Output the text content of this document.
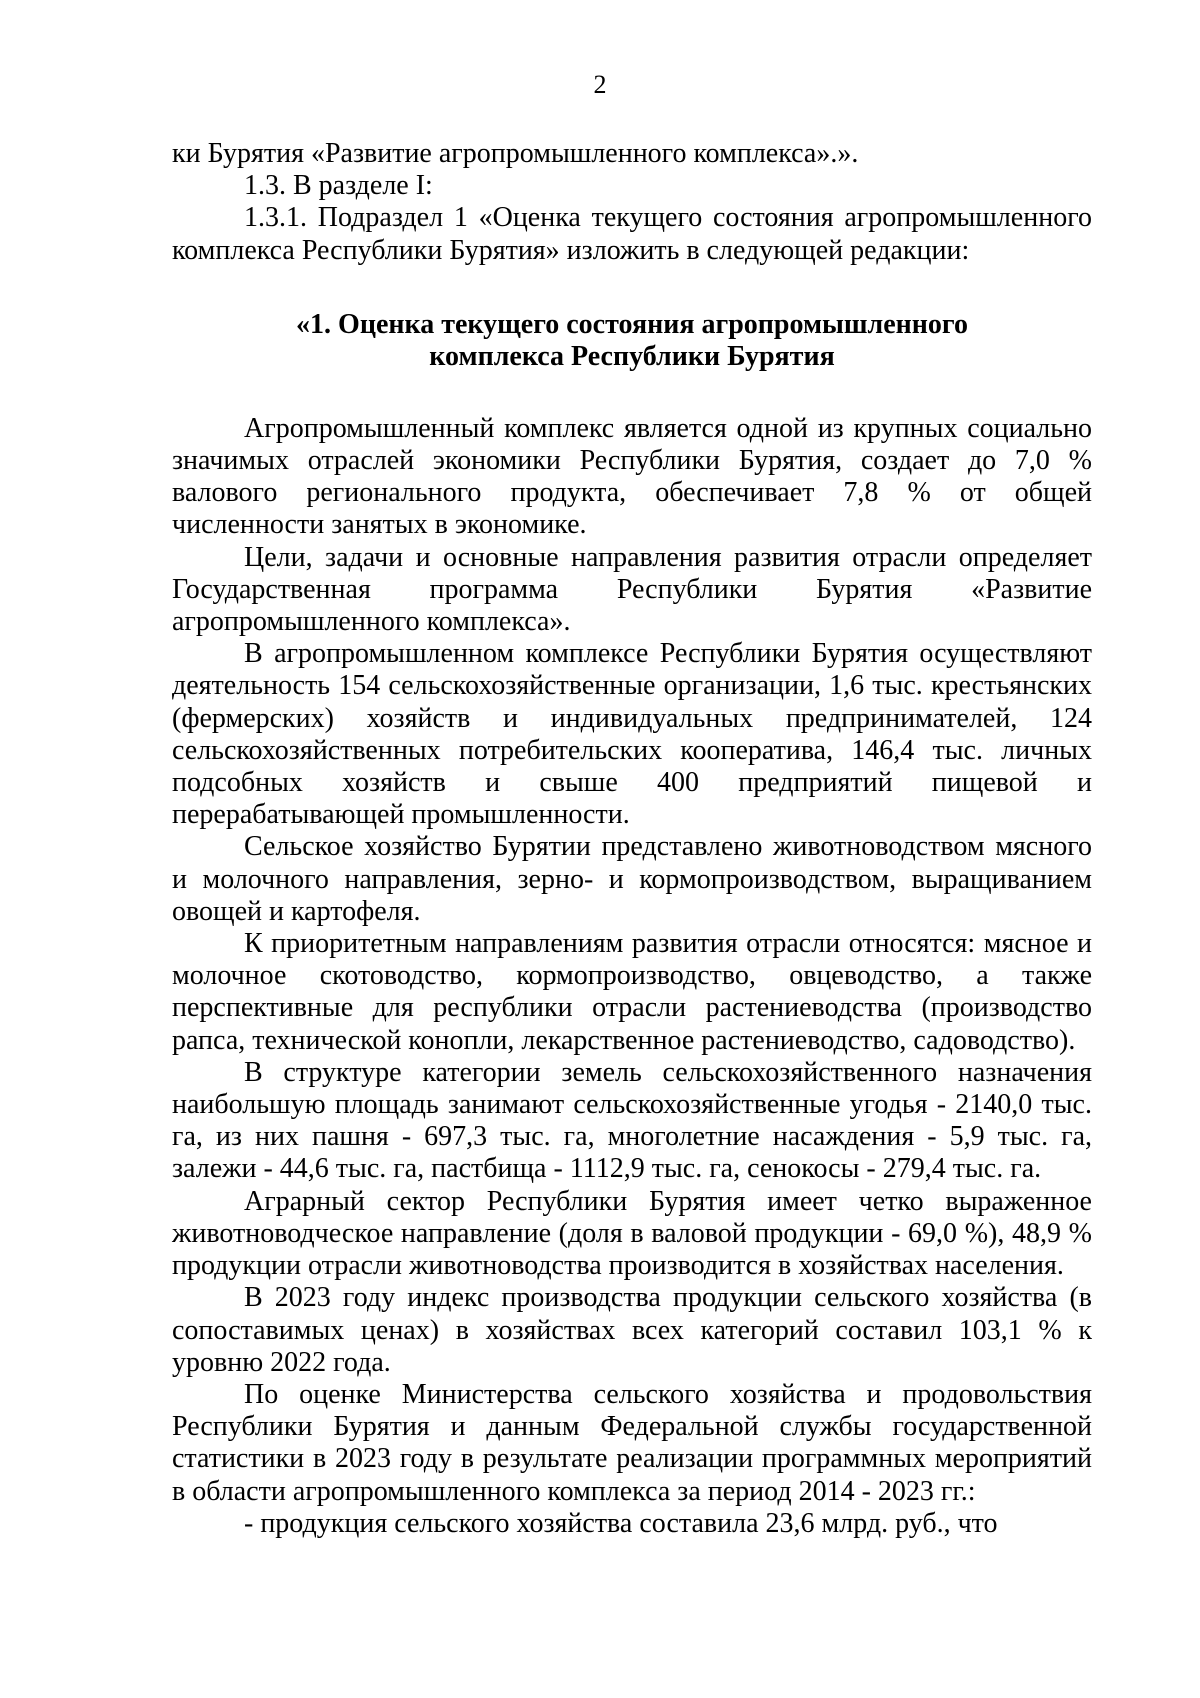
2

ки Бурятия «Развитие агропромышленного комплекса».».

1.3. В разделе I:

1.3.1. Подраздел 1 «Оценка текущего состояния агропромышленного комплекса Республики Бурятия» изложить в следующей редакции:

«1. Оценка текущего состояния агропромышленного
комплекса Республики Бурятия

Агропромышленный комплекс является одной из крупных социально значимых отраслей экономики Республики Бурятия, создает до 7,0 % валового регионального продукта, обеспечивает 7,8 % от общей численности занятых в экономике.

Цели, задачи и основные направления развития отрасли определяет Государственная программа Республики Бурятия «Развитие агропромышленного комплекса».

В агропромышленном комплексе Республики Бурятия осуществляют деятельность 154 сельскохозяйственные организации, 1,6 тыс. крестьянских (фермерских) хозяйств и индивидуальных предпринимателей, 124 сельскохозяйственных потребительских кооператива, 146,4 тыс. личных подсобных хозяйств и свыше 400 предприятий пищевой и перерабатывающей промышленности.

Сельское хозяйство Бурятии представлено животноводством мясного и молочного направления, зерно- и кормопроизводством, выращиванием овощей и картофеля.

К приоритетным направлениям развития отрасли относятся: мясное и молочное скотоводство, кормопроизводство, овцеводство, а также перспективные для республики отрасли растениеводства (производство рапса, технической конопли, лекарственное растениеводство, садоводство).

В структуре категории земель сельскохозяйственного назначения наибольшую площадь занимают сельскохозяйственные угодья - 2140,0 тыс. га, из них пашня - 697,3 тыс. га, многолетние насаждения - 5,9 тыс. га, залежи - 44,6 тыс. га, пастбища - 1112,9 тыс. га, сенокосы - 279,4 тыс. га.

Аграрный сектор Республики Бурятия имеет четко выраженное животноводческое направление (доля в валовой продукции - 69,0 %), 48,9 % продукции отрасли животноводства производится в хозяйствах населения.

В 2023 году индекс производства продукции сельского хозяйства (в сопоставимых ценах) в хозяйствах всех категорий составил 103,1 % к уровню 2022 года.

По оценке Министерства сельского хозяйства и продовольствия Республики Бурятия и данным Федеральной службы государственной статистики в 2023 году в результате реализации программных мероприятий в области агропромышленного комплекса за период 2014 - 2023 гг.:

- продукция сельского хозяйства составила 23,6 млрд. руб., что
